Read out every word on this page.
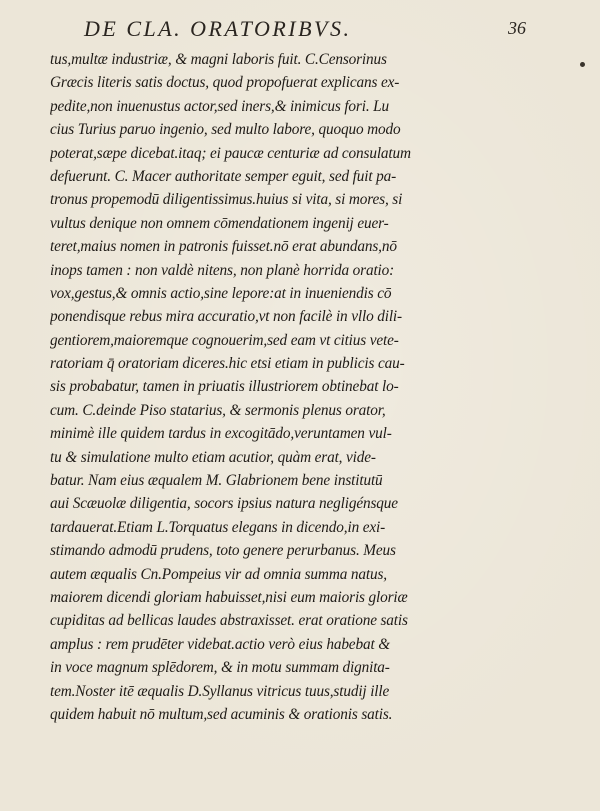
DE CLA. ORATORIBVS.	36
tus,multæ industriæ, & magni laboris fuit. C.Censorinus
Græcis literis satis doctus, quod propofuerat explicans ex-
pedite,non inuenustus actor,sed iners,& inimicus fori. Lu
cius Turius paruo ingenio, sed multo labore, quoquo modo
poterat,sæpe dicebat.itaq; ei paucæ centuriæ ad consulatum
defuerunt. C. Macer authoritate semper eguit, sed fuit pa-
tronus propemodū diligentissimus.huius si vita, si mores, si
vultus denique non omnem cōmendationem ingenij euer-
teret,maius nomen in patronis fuisset.nō erat abundans,nō
inops tamen : non valdè nitens, non planè horrida oratio:
vox,gestus,& omnis actio,sine lepore:at in inueniendis cō
ponendisque rebus mira accuratio,vt non facilè in vllo dili-
gentiorem,maioremque cognouerim,sed eam vt citius vete-
ratoriam q̄ oratoriam diceres.hic etsi etiam in publicis cau-
sis probabatur, tamen in priuatis illustriorem obtinebat lo-
cum. C.deinde Piso statarius, & sermonis plenus orator,
minimè ille quidem tardus in excogitādo,veruntamen vul-
tu & simulatione multo etiam acutior, quàm erat, vide-
batur. Nam eius æqualem M. Glabrionem bene institutū
aui Scæuolæ diligentia, socors ipsius natura negligénsque
tardauerat.Etiam L.Torquatus elegans in dicendo,in exi-
stimando admodū prudens, toto genere perurbanus. Meus
autem æqualis Cn.Pompeius vir ad omnia summa natus,
maiorem dicendi gloriam habuisset,nisi eum maioris gloriæ
cupiditas ad bellicas laudes abstraxisset. erat oratione satis
amplus : rem prudēter videbat.actio verò eius habebat &
in voce magnum splēdorem, & in motu summam dignita-
tem.Noster itē æqualis D.Syllanus vitricus tuus,studij ille
quidem habuit nō multum,sed acuminis & orationis satis.
